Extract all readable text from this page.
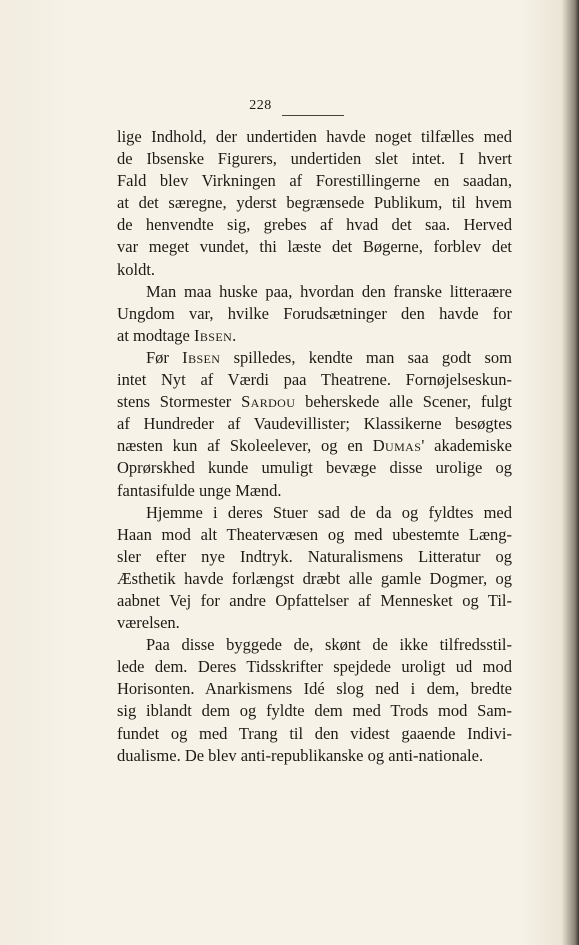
228
lige Indhold, der undertiden havde noget tilfælles med
de Ibsenske Figurers, undertiden slet intet. I hvert
Fald blev Virkningen af Forestillingerne en saadan,
at det særegne, yderst begrænsede Publikum, til hvem
de henvendte sig, grebes af hvad det saa. Herved
var meget vundet, thi læste det Bøgerne, forblev det
koldt.
Man maa huske paa, hvordan den franske litteraære
Ungdom var, hvilke Forudsætninger den havde for
at modtage Ibsen.
Før Ibsen spilledes, kendte man saa godt som
intet Nyt af Værdi paa Theatrene. Fornøjelseskun-
stens Stormester Sardou beherskede alle Scener, fulgt
af Hundreder af Vaudevillister; Klassikerne besøgtes
næsten kun af Skoleelever, og en Dumas' akademiske
Oprørskhed kunde umuligt bevæge disse urolige og
fantasifulde unge Mænd.
Hjemme i deres Stuer sad de da og fyldtes med
Haan mod alt Theatervæsen og med ubestemte Læng-
sler efter nye Indtryk. Naturalismens Litteratur og
Æsthetik havde forlængst dræbt alle gamle Dogmer, og
aabnet Vej for andre Opfattelser af Mennesket og Til-
værelsen.
Paa disse byggede de, skønt de ikke tilfredsstil-
lede dem. Deres Tidsskrifter spejdede uroligt ud mod
Horisonten. Anarkismens Idé slog ned i dem, bredte
sig iblandt dem og fyldte dem med Trods mod Sam-
fundet og med Trang til den videst gaaende Indivi-
dualisme. De blev anti-republikanske og anti-nationale.
